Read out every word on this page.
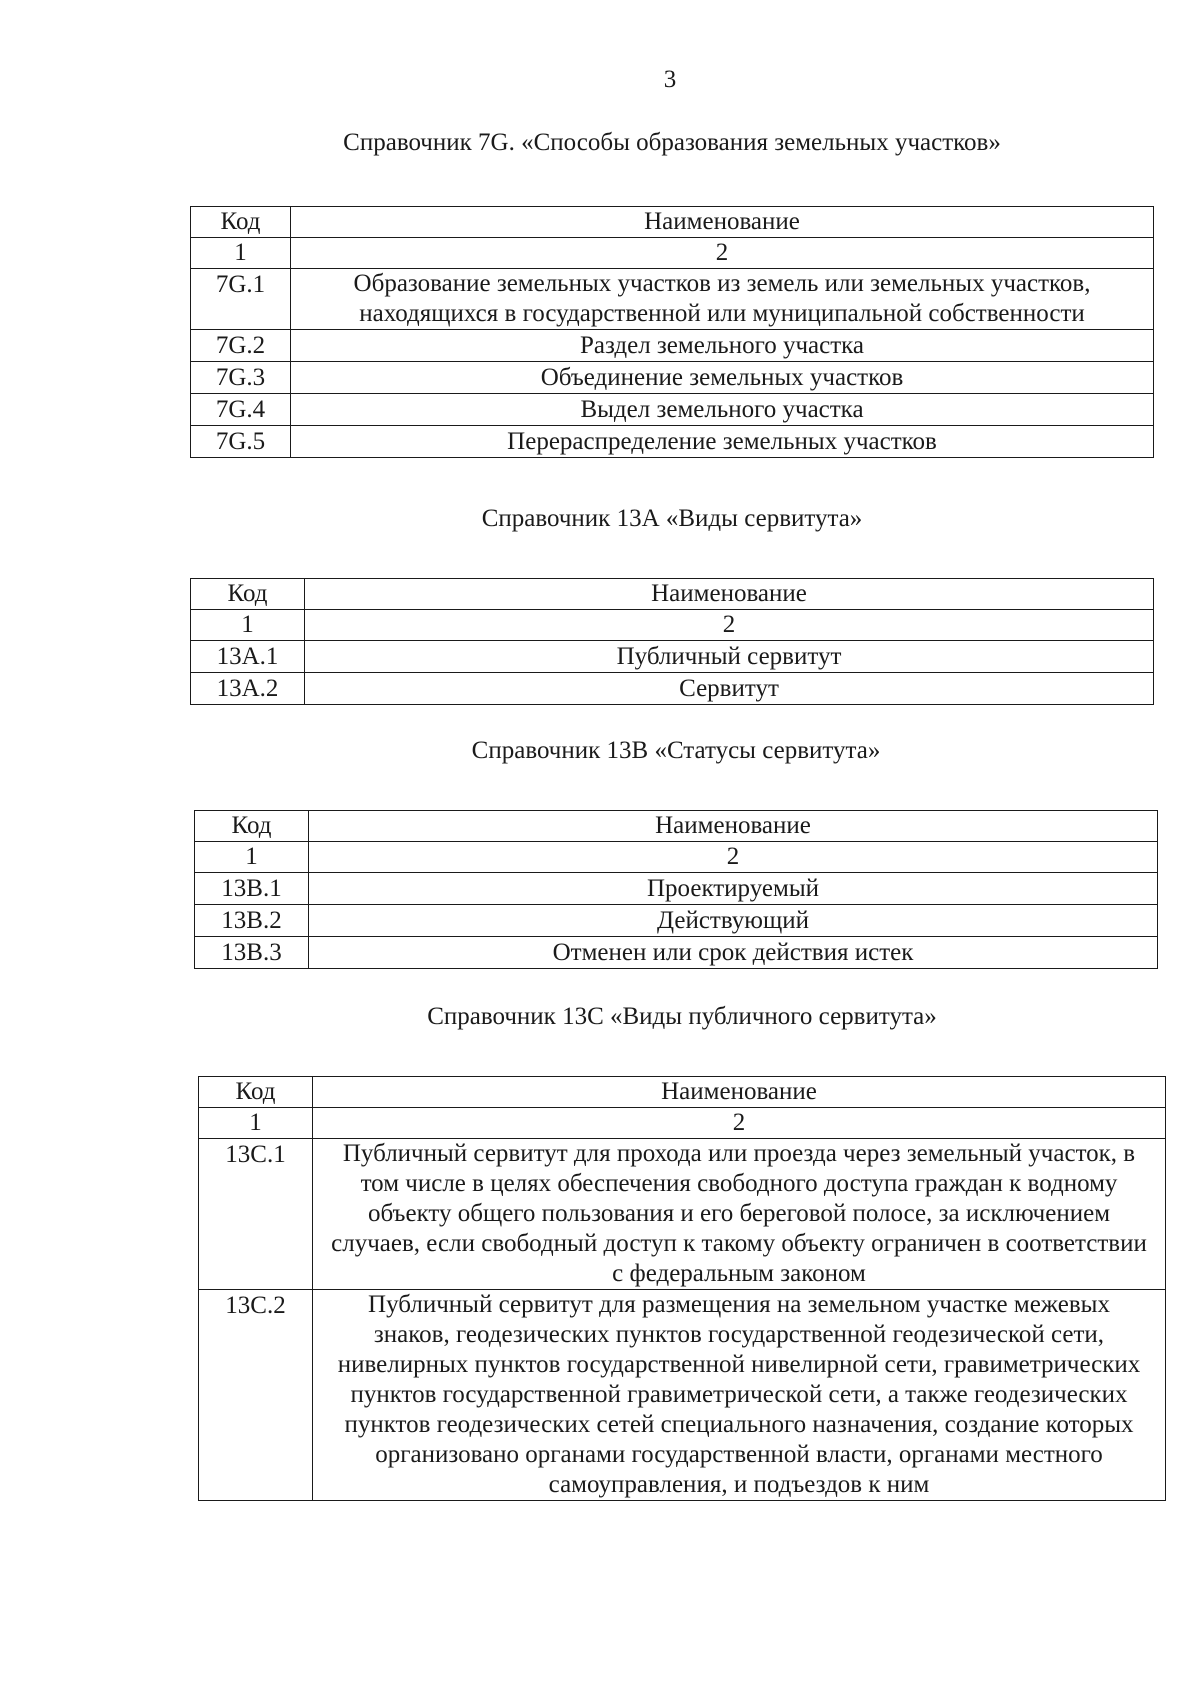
3
Справочник 7G. «Способы образования земельных участков»
Код	Наименование
1	2
7G.1	Образование земельных участков из земель или земельных участков, находящихся в государственной или муниципальной собственности
7G.2	Раздел земельного участка
7G.3	Объединение земельных участков
7G.4	Выдел земельного участка
7G.5	Перераспределение земельных участков
Справочник 13А «Виды сервитута»
Код	Наименование
1	2
13А.1	Публичный сервитут
13А.2	Сервитут
Справочник 13В «Статусы сервитута»
Код	Наименование
1	2
13В.1	Проектируемый
13В.2	Действующий
13В.3	Отменен или срок действия истек
Справочник 13С «Виды публичного сервитута»
Код	Наименование
1	2
13С.1	Публичный сервитут для прохода или проезда через земельный участок, в том числе в целях обеспечения свободного доступа граждан к водному объекту общего пользования и его береговой полосе, за исключением случаев, если свободный доступ к такому объекту ограничен в соответствии с федеральным законом
13С.2	Публичный сервитут для размещения на земельном участке межевых знаков, геодезических пунктов государственной геодезической сети, нивелирных пунктов государственной нивелирной сети, гравиметрических пунктов государственной гравиметрической сети, а также геодезических пунктов геодезических сетей специального назначения, создание которых организовано органами государственной власти, органами местного самоуправления, и подъездов к ним
